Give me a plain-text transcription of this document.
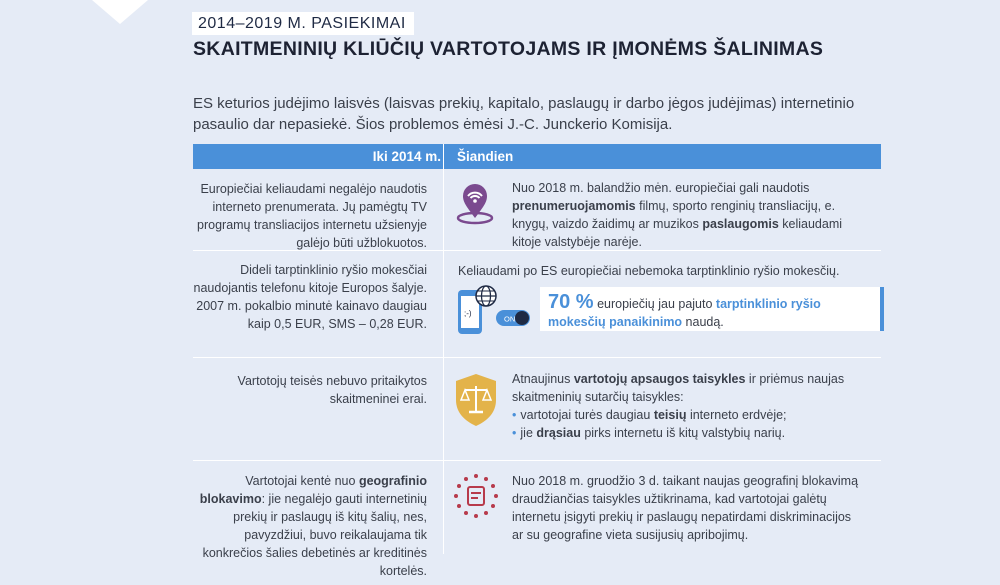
2014–2019 M. PASIEKIMAI
SKAITMENINIŲ KLIŪČIŲ VARTOTOJAMS IR ĮMONĖMS ŠALINIMAS
ES keturios judėjimo laisvės (laisvas prekių, kapitalo, paslaugų ir darbo jėgos judėjimas) internetinio pasaulio dar nepasiekė. Šios problemos ėmėsi J.-C. Junckerio Komisija.
Iki 2014 m. Šiandien
Europiečiai keliaudami negalėjo naudotis interneto prenumerata. Jų pamėgtų TV programų transliacijos internetu užsienyje galėjo būti užblokuotos.
Nuo 2018 m. balandžio mėn. europiečiai gali naudotis prenumeruojamomis filmų, sporto renginių transliacijų, e. knygų, vaizdo žaidimų ar muzikos paslaugomis keliaudami kitoje valstybėje narėje.
Dideli tarptinklinio ryšio mokesčiai naudojantis telefonu kitoje Europos šalyje. 2007 m. pokalbio minutė kainavo daugiau kaip 0,5 EUR, SMS – 0,28 EUR.
Keliaudami po ES europiečiai nebemoka tarptinklinio ryšio mokesčių.
ON
;-)
70 % europiečių jau pajuto tarptinklinio ryšio mokesčių panaikinimo naudą.
Vartotojų teisės nebuvo pritaikytos skaitmeninei erai.
Atnaujinus vartotojų apsaugos taisykles ir priėmus naujas skaitmeninių sutarčių taisykles:
• vartotojai turės daugiau teisių interneto erdvėje;
• jie drąsiau pirks internetu iš kitų valstybių narių.
Vartotojai kentė nuo geografinio blokavimo: jie negalėjo gauti internetinių prekių ir paslaugų iš kitų šalių, nes, pavyzdžiui, buvo reikalaujama tik konkrečios šalies debetinės ar kreditinės kortelės.
Nuo 2018 m. gruodžio 3 d. taikant naujas geografinį blokavimą draudžiančias taisykles užtikrinama, kad vartotojai galėtų internetu įsigyti prekių ir paslaugų nepatirdami diskriminacijos ar su geografine vieta susijusių apribojimų.
